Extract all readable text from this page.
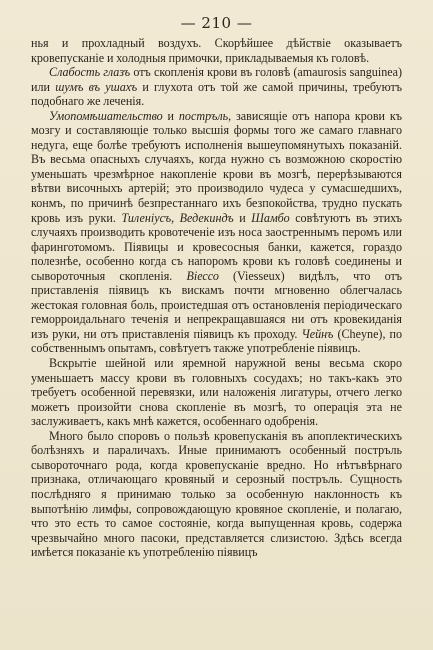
— 210 —

нья и прохладный воздухъ. Скорѣйшее дѣйствіе оказываетъ кровепусканіе и холодныя примочки, прикладываемыя къ головѣ.

Слабость глазъ отъ скопленія крови въ головѣ (amaurosis sanguinea) или шумъ въ ушахъ и глухота отъ той же самой причины, требуютъ подобнаго же леченія.

Умопомѣшательство и постръль, зависящіе отъ напора крови къ мозгу и составляющіе только высшія формы того же самаго главнаго недуга, еще болѣе требуютъ исполненія вышеупомянутыхъ показаній. Въ весьма опасныхъ случаяхъ, когда нужно съ возможною скоростію уменьшать чрезмѣрное накопленіе крови въ мозгѣ, перерѣзываются вѣтви височныхъ артерій; это производило чудеса у сумасшедшихъ, конмъ, по причинѣ безпрестаннаго ихъ безпокойства, трудно пускать кровь изъ руки. Тиленіусъ, Ведекиндъ и Шамбо совѣтуютъ въ этихъ случаяхъ производить кровотеченіе изъ носа заостреннымъ перомъ или фаринготомомъ. Піявицы и кровесосныя банки, кажется, гораздо полезнѣе, особенно когда съ напоромъ крови къ головѣ соединены и сывороточныя скопленія. Віессо (Viesseux) видѣлъ, что отъ приставленія піявицъ къ вискамъ почти мгновенно облегчалась жестокая головная боль, проистедшая отъ остановленія періодическаго геморроидальнаго теченія и непрекращавшаяся ни отъ кровекиданія изъ руки, ни отъ приставленія піявицъ къ проходу. Чейнъ (Cheyne), по собственнымъ опытамъ, совѣтуетъ также употребленіе піявицъ.

Вскрытіе шейной или яремной наружной вены весьма скоро уменьшаетъ массу крови въ головныхъ сосудахъ; но такъ-какъ это требуетъ особенной перевязки, или наложенія лигатуры, отчего легко можетъ произойти снова скопленіе въ мозгѣ, то операція эта не заслуживаетъ, какъ мнѣ кажется, особеннаго одобренія.

Много было споровъ о пользѣ кровепусканія въ апоплектическихъ болѣзняхъ и параличахъ. Иные принимаютъ особенный постръль сывороточнаго рода, когда кровепусканіе вредно. Но нѣтъвѣрнаго признака, отличающаго кровяный и серозный постръль. Сущность послѣдняго я принимаю только за особенную наклонность къ выпотѣнію лимфы, сопровождающую кровяное скопленіе, и полагаю, что это есть то самое состояніе, когда выпущенная кровь, содержа чрезвычайно много пасоки, представляется слизистою. Здѣсь всегда имѣется показаніе къ употребленію піявицъ
